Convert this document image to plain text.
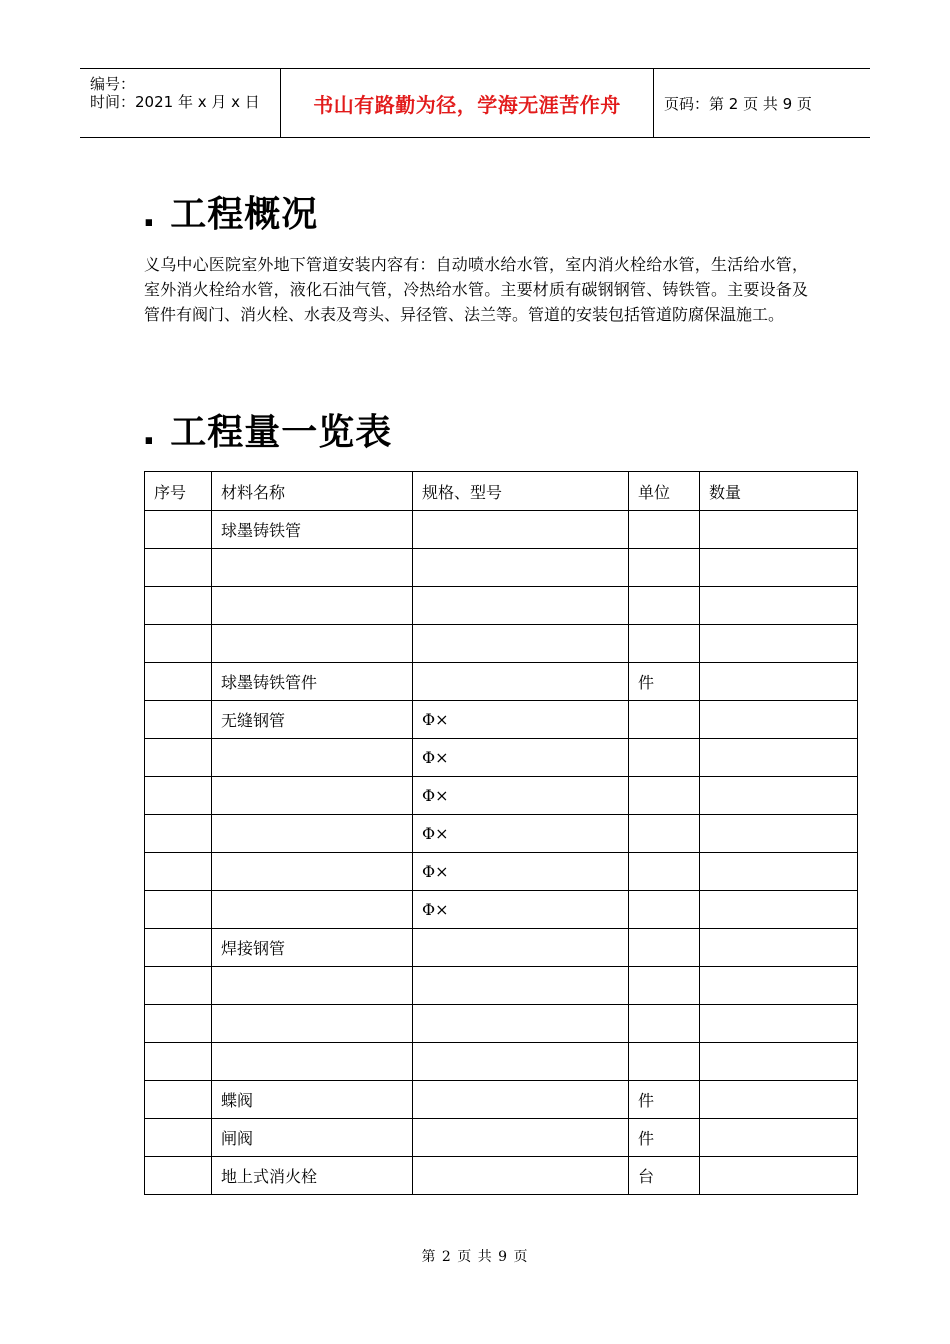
编号：
时间：2021 年 x 月 x 日	书山有路勤为径，学海无涯苦作舟	页码：第 2 页 共 9 页
. 工程概况
义乌中心医院室外地下管道安装内容有：自动喷水给水管，室内消火栓给水管，生活给水管，室外消火栓给水管，液化石油气管，冷热给水管。主要材质有碳钢钢管、铸铁管。主要设备及管件有阀门、消火栓、水表及弯头、异径管、法兰等。管道的安装包括管道防腐保温施工。
. 工程量一览表
序号	材料名称	规格、型号	单位	数量
	球墨铸铁管			

	球墨铸铁管件		件	
	无缝钢管	Φ×		
		Φ×		
		Φ×		
		Φ×		
		Φ×		
		Φ×		
	焊接钢管			

	蝶阀		件	
	闸阀		件	
	地上式消火栓		台	
第 2 页 共 9 页
